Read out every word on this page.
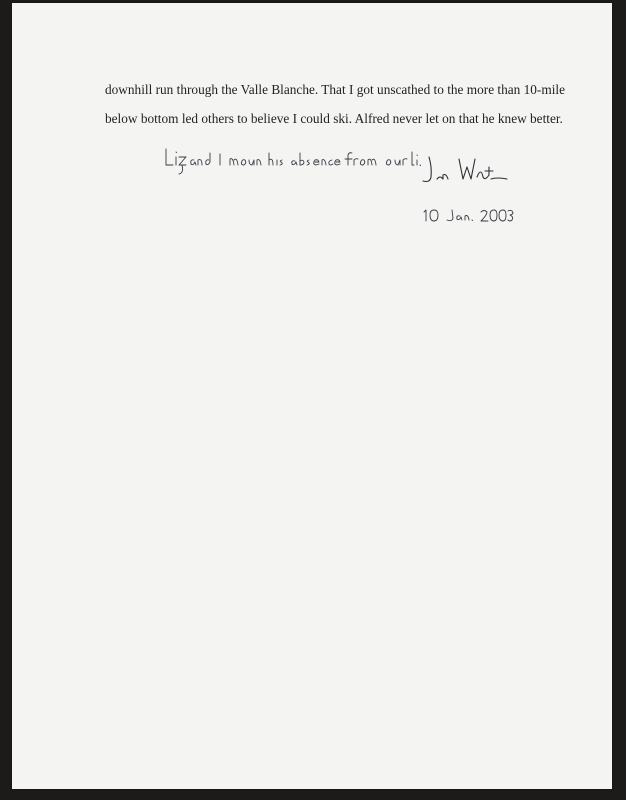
downhill run through the Valle Blanche. That I got unscathed to the more than 10-mile

below bottom led others to believe I could ski. Alfred never let on that he knew better.
